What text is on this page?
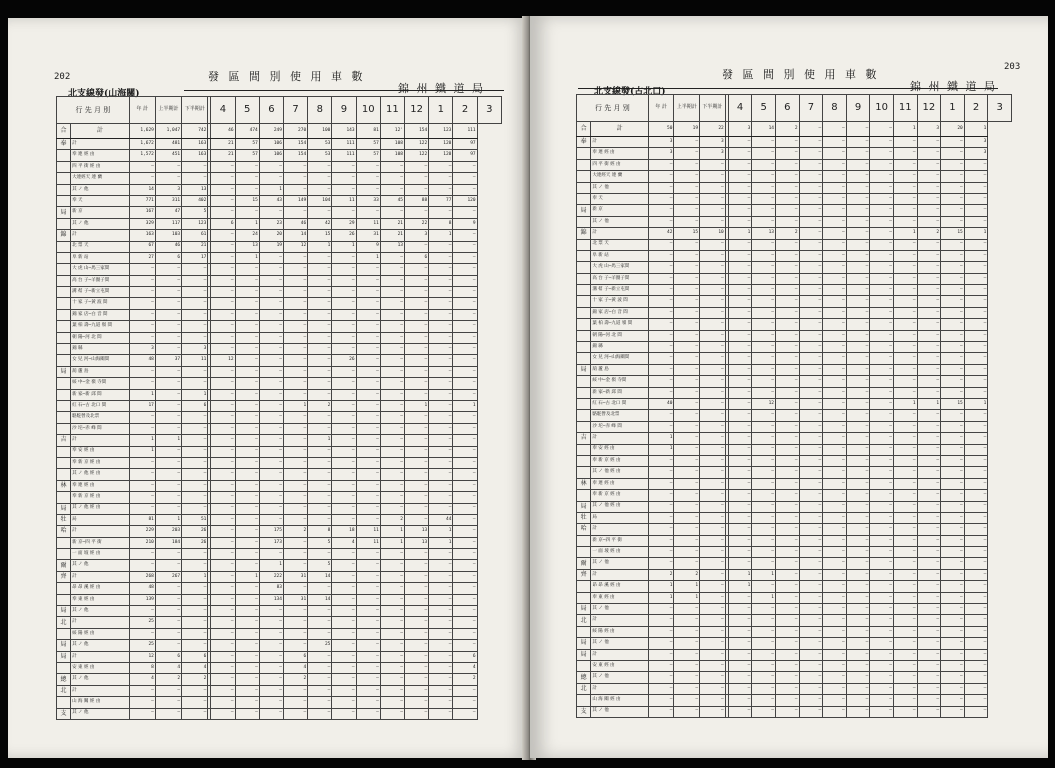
202	發 區 間 別 使 用 車 數
錦 州 鐵 道 局
北支線發(山海關)
行 先 月 別		年 計	上半期計	下半期計		4	5	6	7	8	9	10	11	12	1	2	3
合	計	1,629	1,047	742		46	474	249	270	100	143	81	12'	154	123	111	
奉	計	1,672	481	163		21	57	106	154	53	111	57	108	122	120	97	
	奉 連 經 由	1,572	451	163		21	57	106	154	53	111	57	108	122	120	97	
	四 平 街 經 由	—	—	—		—	—	—	—	—	—	—	—	—	—	—	
	大連經天 連 蘭	—	—	—		—	—	—	—	—	—	—	—	—	—	—	
	其 ノ 他	14	3	13		—	—	1	—	—	—	—	—	—	—	—	
	奉 天	771	311	402		—	15	43	149	104	11	33	45	88	77	120	
局	新 京	167	47	5		—	—	—	—	—	—	—	—	—	—	—	
	其 ノ 他	329	117	123		6	1	23	46	42	29	11	21	22	8	9	
錦	計	163	103	61		—	24	20	14	15	26	31	21	3	1	—	
	北 票 天	67	46	21		—	13	19	12	1	1	9	13	—	—	—	
	阜 新 站	27	6	17		—	1	—	—	—	—	1	—	6	—	—	
	大 虎 山─馬三家間	—	—	—		—	—	—	—	—	—	—	—	—	—	—	
	高 台 子─羊圈子間	—	—	—		—	—	—	—	—	—	—	—	—	—	—	
	溝 幇 子─新立屯間	—	—	—		—	—	—	—	—	—	—	—	—	—	—	
	十 家 子─黃 波 間	—	—	—		—	—	—	—	—	—	—	—	—	—	—	
	錦 家 店─白 音 間	—	—	—		—	—	—	—	—	—	—	—	—	—	—	
	葉 柏 壽─九道 嶺 間	—	—	—		—	—	—	—	—	—	—	—	—	—	—	
	朝 陽─河 北 間	—	—	—		—	—	—	—	—	—	—	—	—	—	—	
	錦 縣	3	—	3		—	—	—	—	—	—	—	—	—	—	—	
	女 兒 河─山海關間	48	37	11		12	—	—	—	—	26	—	—	—	—	—	
局	葫 蘆 島	—	—	—		—	—	—	—	—	—	—	—	—	—	—	
	綏 中─金 嶺 寺間	—	—	—		—	—	—	—	—	—	—	—	—	—	—	
	新 家─新 邱 間	1	—	1		—	—	—	—	—	—	—	—	—	—	—	
	紅 石─古 北口 間	17	—	6		—	—	—	1	2	—	—	—	1	—	1	
	駱駝營及北票	—	—	—		—	—	—	—	—	—	—	—	—	—	—	
	沙 坨─赤 峰 間	—	—	—		—	—	—	—	—	—	—	—	—	—	—	
吉	計	1	1	—		—	—	—	—	1	—	—	—	—	—	—	
	奉 安 經 由	1	—	—		—	—	—	—	—	—	—	—	—	—	—	
	奉 新 京 經 由	—	—	—		—	—	—	—	—	—	—	—	—	—	—	
	其 ノ 他 經 由	—	—	—		—	—	—	—	—	—	—	—	—	—	—	
林	奉 連 經 由	—	—	—		—	—	—	—	—	—	—	—	—	—	—	
	奉 新 京 經 由	—	—	—		—	—	—	—	—	—	—	—	—	—	—	
局	其 ノ 他 經 由	—	—	—		—	—	—	—	—	—	—	—	—	—	—	
牡	局	81	1	51		—	—	—	—	—	—	—	2	—	44	—	
哈	計	229	203	26		—	—	175	2	8	18	11	1	13	1	—	
	新 京─四 平 街	210	184	26		—	—	173	—	5	4	11	1	13	1	—	
	一 面 坡 經 由	—	—	—		—	—	—	—	—	—	—	—	—	—	—	
爾	其 ノ 他	—	—	—		—	—	1	—	5	—	—	—	—	—	—	
齊	計	268	267	1		—	1	222	31	14	—	—	—	—	—	—	
	昂 昂 溪 經 由	48	—	—		—	—	83	—	—	—	—	—	—	—	—	
	奉 東 經 由	139	—	—		—	—	134	31	14	—	—	—	—	—	—	
局	其 ノ 他	—	—	—		—	—	—	—	—	—	—	—	—	—	—	
北	計	25	—	—		—	—	—	—	—	—	—	—	—	—	—	
	綏 陽 經 由	—	—	—		—	—	—	—	—	—	—	—	—	—	—	
局	其 ノ 他	25	—	—		—	—	—	—	25	—	—	—	—	—	—	
局	計	12	6	6		—	—	—	6	—	—	—	—	—	—	6	
	安 東 經 由	8	4	4		—	—	—	4	—	—	—	—	—	—	4	
總	其 ノ 他	4	2	2		—	—	—	2	—	—	—	—	—	—	2	
北	計	—	—	—		—	—	—	—	—	—	—	—	—	—	—	
	山 海 關 經 由	—	—	—		—	—	—	—	—	—	—	—	—	—	—	
支	其 ノ 他	—	—	—		—	—	—	—	—	—	—	—	—	—	—	
203
發 區 間 別 使 用 車 數
錦 州 鐵 道 局
北支線發(古北口)
行 先 月 別		年 計	上半期計	下半期計		4	5	6	7	8	9	10	11	12	1	2	3
合	計	50	19	22		3	14	2	—	—	—	—	1	3	20	1	
奉	計	3	—	3		—	—	—	—	—	—	—	—	—	—	3	
	奉 連 經 由	3	—	3		—	—	—	—	—	—	—	—	—	—	3	
	四 平 街 經 由	—	—	—		—	—	—	—	—	—	—	—	—	—	—	
	大連經天 連 蘭	—	—	—		—	—	—	—	—	—	—	—	—	—	—	
	其 ノ 他	—	—	—		—	—	—	—	—	—	—	—	—	—	—	
	奉 天	—	—	—		—	—	—	—	—	—	—	—	—	—	—	
局	新 京	—	—	—		—	—	—	—	—	—	—	—	—	—	—	
	其 ノ 他	—	—	—		—	—	—	—	—	—	—	—	—	—	—	
錦	計	42	15	10		1	13	2	—	—	—	—	1	2	15	1	
	北 票 天	—	—	—		—	—	—	—	—	—	—	—	—	—	—	
	阜 新 站	—	—	—		—	—	—	—	—	—	—	—	—	—	—	
	大 虎 山─馬三家間	—	—	—		—	—	—	—	—	—	—	—	—	—	—	
	高 台 子─羊圈子間	—	—	—		—	—	—	—	—	—	—	—	—	—	—	
	溝 幇 子─新立屯間	—	—	—		—	—	—	—	—	—	—	—	—	—	—	
	十 家 子─黃 波 間	—	—	—		—	—	—	—	—	—	—	—	—	—	—	
	錦 家 店─白 音 間	—	—	—		—	—	—	—	—	—	—	—	—	—	—	
	葉 柏 壽─九道 嶺 間	—	—	—		—	—	—	—	—	—	—	—	—	—	—	
	朝 陽─河 北 間	—	—	—		—	—	—	—	—	—	—	—	—	—	—	
	錦 縣	—	—	—		—	—	—	—	—	—	—	—	—	—	—	
	女 兒 河─山海關間	—	—	—		—	—	—	—	—	—	—	—	—	—	—	
局	葫 蘆 島	—	—	—		—	—	—	—	—	—	—	—	—	—	—	
	綏 中─金 嶺 寺間	—	—	—		—	—	—	—	—	—	—	—	—	—	—	
	新 家─新 邱 間	—	—	—		—	—	—	—	—	—	—	—	—	—	—	
	紅 石─古 北口 間	40	—	—		—	12	—	—	—	—	—	1	1	15	1	
	駱駝營及北票	—	—	—		—	—	—	—	—	—	—	—	—	—	—	
	沙 坨─赤 峰 間	—	—	—		—	—	—	—	—	—	—	—	—	—	—	
吉	計	1	—	—		—	—	—	—	—	—	—	—	—	—	—	
	奉 安 經 由	1	—	—		—	—	—	—	—	—	—	—	—	—	—	
	奉 新 京 經 由	—	—	—		—	—	—	—	—	—	—	—	—	—	—	
	其 ノ 他 經 由	—	—	—		—	—	—	—	—	—	—	—	—	—	—	
林	奉 連 經 由	—	—	—		—	—	—	—	—	—	—	—	—	—	—	
	奉 新 京 經 由	—	—	—		—	—	—	—	—	—	—	—	—	—	—	
局	其 ノ 他 經 由	—	—	—		—	—	—	—	—	—	—	—	—	—	—	
牡	局	—	—	—		—	—	—	—	—	—	—	—	—	—	—	
哈	計	—	—	—		—	—	—	—	—	—	—	—	—	—	—	
	新 京─四 平 街	—	—	—		—	—	—	—	—	—	—	—	—	—	—	
	一 面 坡 經 由	—	—	—		—	—	—	—	—	—	—	—	—	—	—	
爾	其 ノ 他	—	—	—		—	—	—	—	—	—	—	—	—	—	—	
齊	計	2	2	—		1	1	—	—	—	—	—	—	—	—	—	
	昂 昂 溪 經 由	1	1	—		1	—	—	—	—	—	—	—	—	—	—	
	奉 東 經 由	1	1	—		—	1	—	—	—	—	—	—	—	—	—	
局	其 ノ 他	—	—	—		—	—	—	—	—	—	—	—	—	—	—	
北	計	—	—	—		—	—	—	—	—	—	—	—	—	—	—	
	綏 陽 經 由	—	—	—		—	—	—	—	—	—	—	—	—	—	—	
局	其 ノ 他	—	—	—		—	—	—	—	—	—	—	—	—	—	—	
局	計	—	—	—		—	—	—	—	—	—	—	—	—	—	—	
	安 東 經 由	—	—	—		—	—	—	—	—	—	—	—	—	—	—	
總	其 ノ 他	—	—	—		—	—	—	—	—	—	—	—	—	—	—	
北	計	—	—	—		—	—	—	—	—	—	—	—	—	—	—	
	山 海 關 經 由	—	—	—		—	—	—	—	—	—	—	—	—	—	—	
支	其 ノ 他	—	—	—		—	—	—	—	—	—	—	—	—	—	—	
